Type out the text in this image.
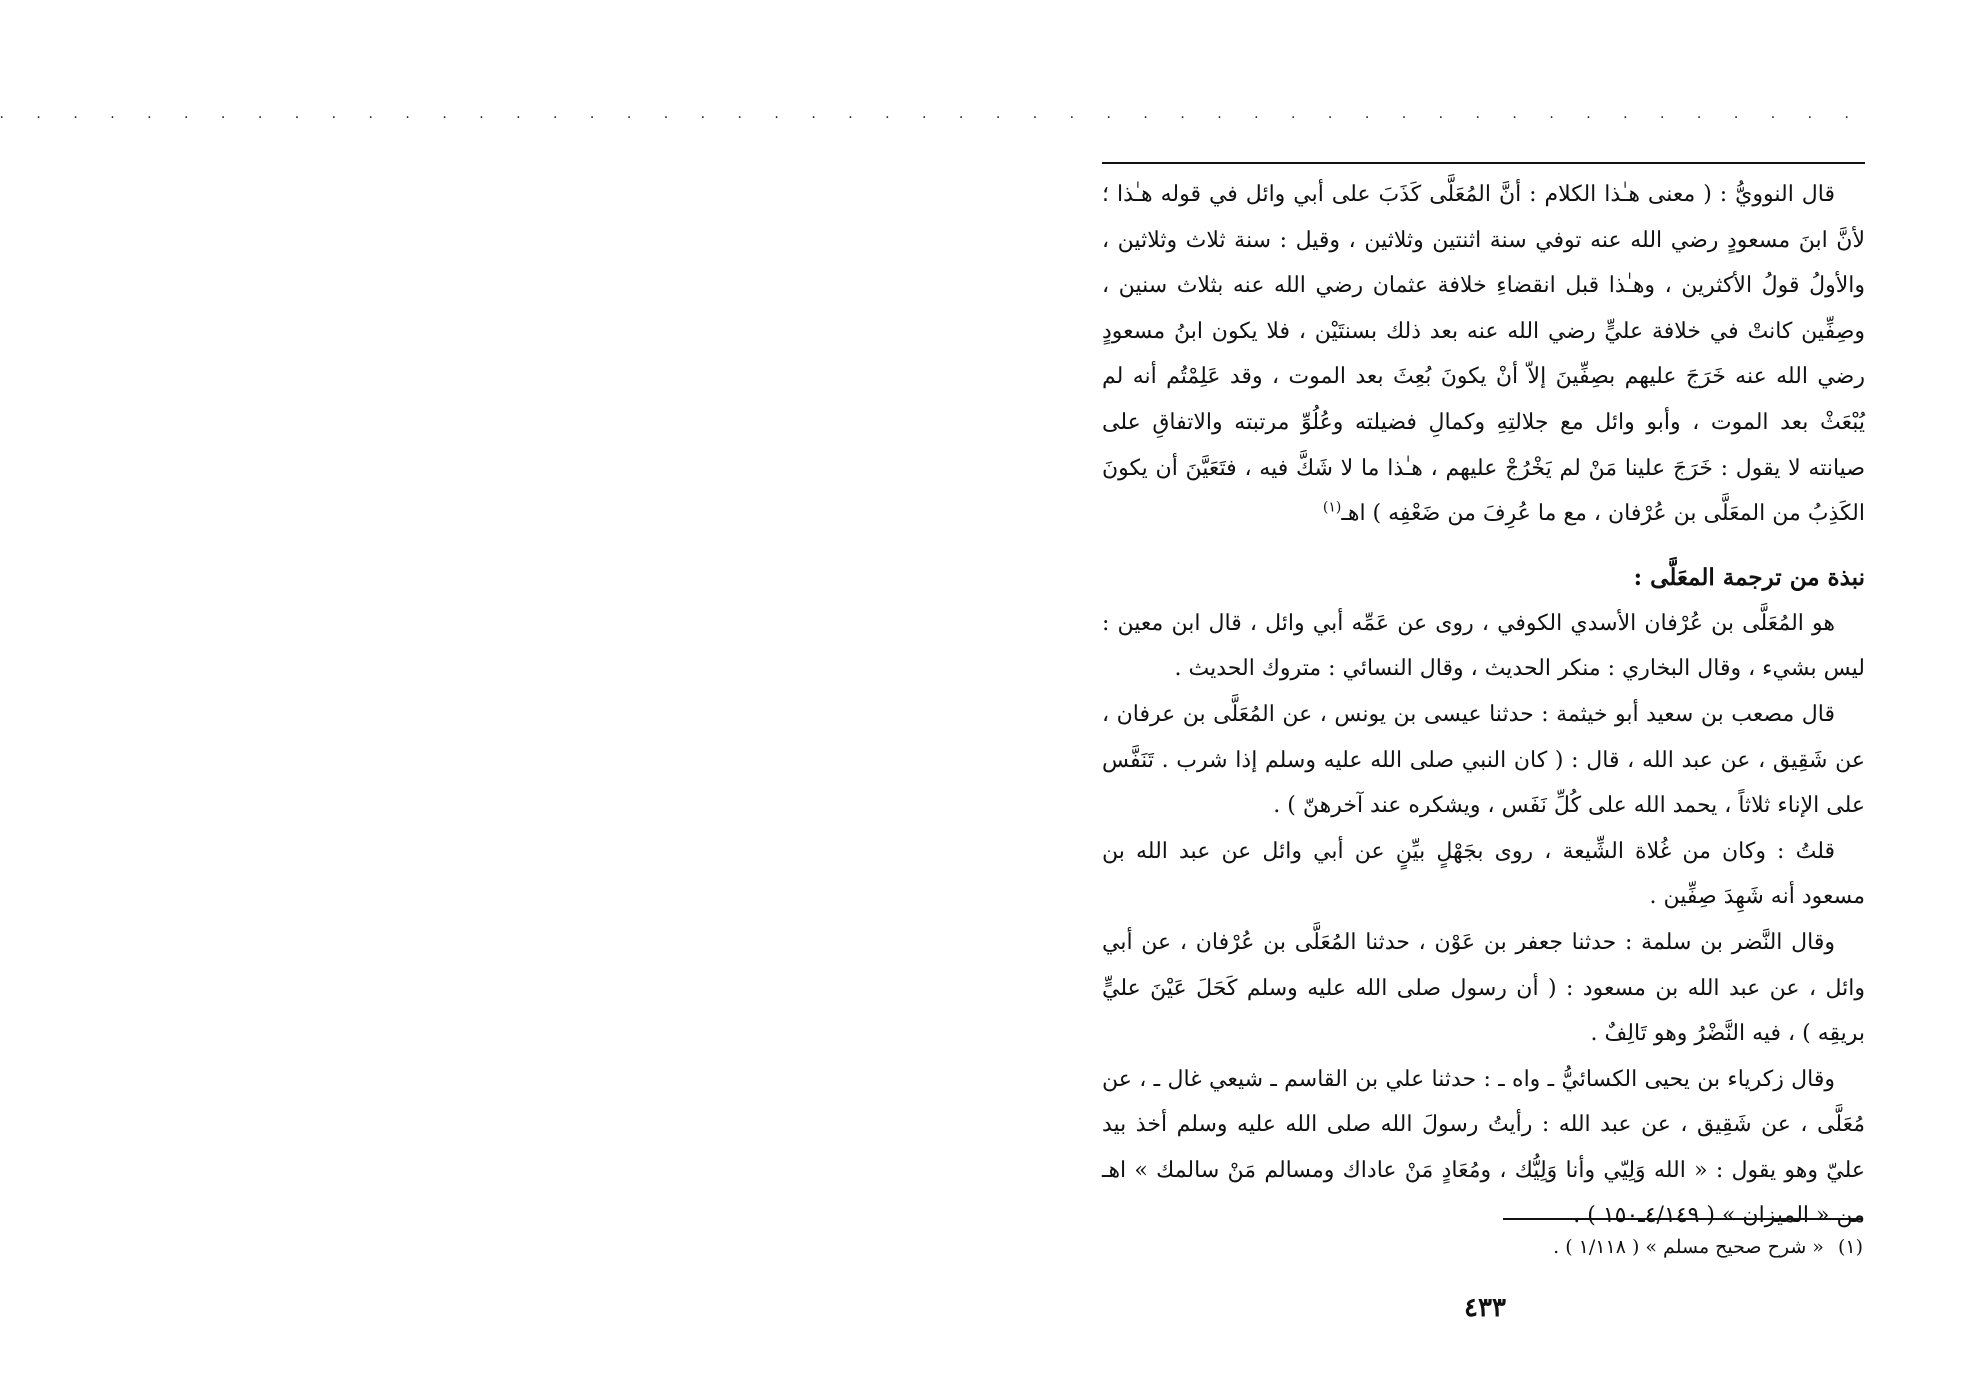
· · · · · · · · · · · · · · · · · · · · · · · · · · · · · · · · · · · · · · · · · · · · · · · · · · ·

قال النوويُّ : ( معنى هـٰذا الكلام : أنَّ المُعَلَّى كَذَبَ على أبي وائل في قوله هـٰذا ؛ لأنَّ ابنَ مسعودٍ رضي الله عنه توفي سنة اثنتين وثلاثين ، وقيل : سنة ثلاث وثلاثين ، والأولُ قولُ الأكثرين ، وهـٰذا قبل انقضاءِ خلافة عثمان رضي الله عنه بثلاث سنين ، وصِفِّين كانتْ في خلافة عليٍّ رضي الله عنه بعد ذلك بسنتَيْن ، فلا يكون ابنُ مسعودٍ رضي الله عنه خَرَجَ عليهم بصِفِّينَ إلاّ أنْ يكونَ بُعِثَ بعد الموت ، وقد عَلِمْتُم أنه لم يُبْعَثْ بعد الموت ، وأبو وائل مع جلالتِهِ وكمالِ فضيلته وعُلُوِّ مرتبته والاتفاقِ على صيانته لا يقول : خَرَجَ علينا مَنْ لم يَخْرُجْ عليهم ، هـٰذا ما لا شَكَّ فيه ، فتَعَيَّنَ أن يكونَ الكَذِبُ من المعَلَّى بن عُرْفان ، مع ما عُرِفَ من ضَعْفِه ) اهـ$^{(١)}$

نبذة من ترجمة المعَلَّى :

هو المُعَلَّى بن عُرْفان الأسدي الكوفي ، روى عن عَمِّه أبي وائل ، قال ابن معين : ليس بشيء ، وقال البخاري : منكر الحديث ، وقال النسائي : متروك الحديث .

قال مصعب بن سعيد أبو خيثمة : حدثنا عيسى بن يونس ، عن المُعَلَّى بن عرفان ، عن شَقِيق ، عن عبد الله ، قال : ( كان النبي صلى الله عليه وسلم إذا شرب . تَنَفَّس على الإناء ثلاثاً ، يحمد الله على كُلِّ نَفَس ، ويشكره عند آخرهنّ ) .

قلتُ : وكان من غُلاة الشِّيعة ، روى بجَهْلٍ بيِّنٍ عن أبي وائل عن عبد الله بن مسعود أنه شَهِدَ صِفِّين .

وقال النَّضر بن سلمة : حدثنا جعفر بن عَوْن ، حدثنا المُعَلَّى بن عُرْفان ، عن أبي وائل ، عن عبد الله بن مسعود : ( أن رسول صلى الله عليه وسلم كَحَلَ عَيْنَ عليٍّ بريقِه ) ، فيه النَّضْرُ وهو تَالِفٌ .

وقال زكرياء بن يحيى الكسائيُّ ـ واه ـ : حدثنا علي بن القاسم ـ شيعي غال ـ ، عن مُعَلَّى ، عن شَقِيق ، عن عبد الله : رأيتُ رسولَ الله صلى الله عليه وسلم أخذ بيد عليّ وهو يقول : « الله وَلِيّي وأنا وَلِيُّك ، ومُعَادٍ مَنْ عاداك ومسالم مَنْ سالمك » اهـ من « الميزان » ( ٤/١٤٩ـ١٥٠ ) .

(١)« شرح صحيح مسلم » ( ١/١١٨ ) .
٤٣٣
